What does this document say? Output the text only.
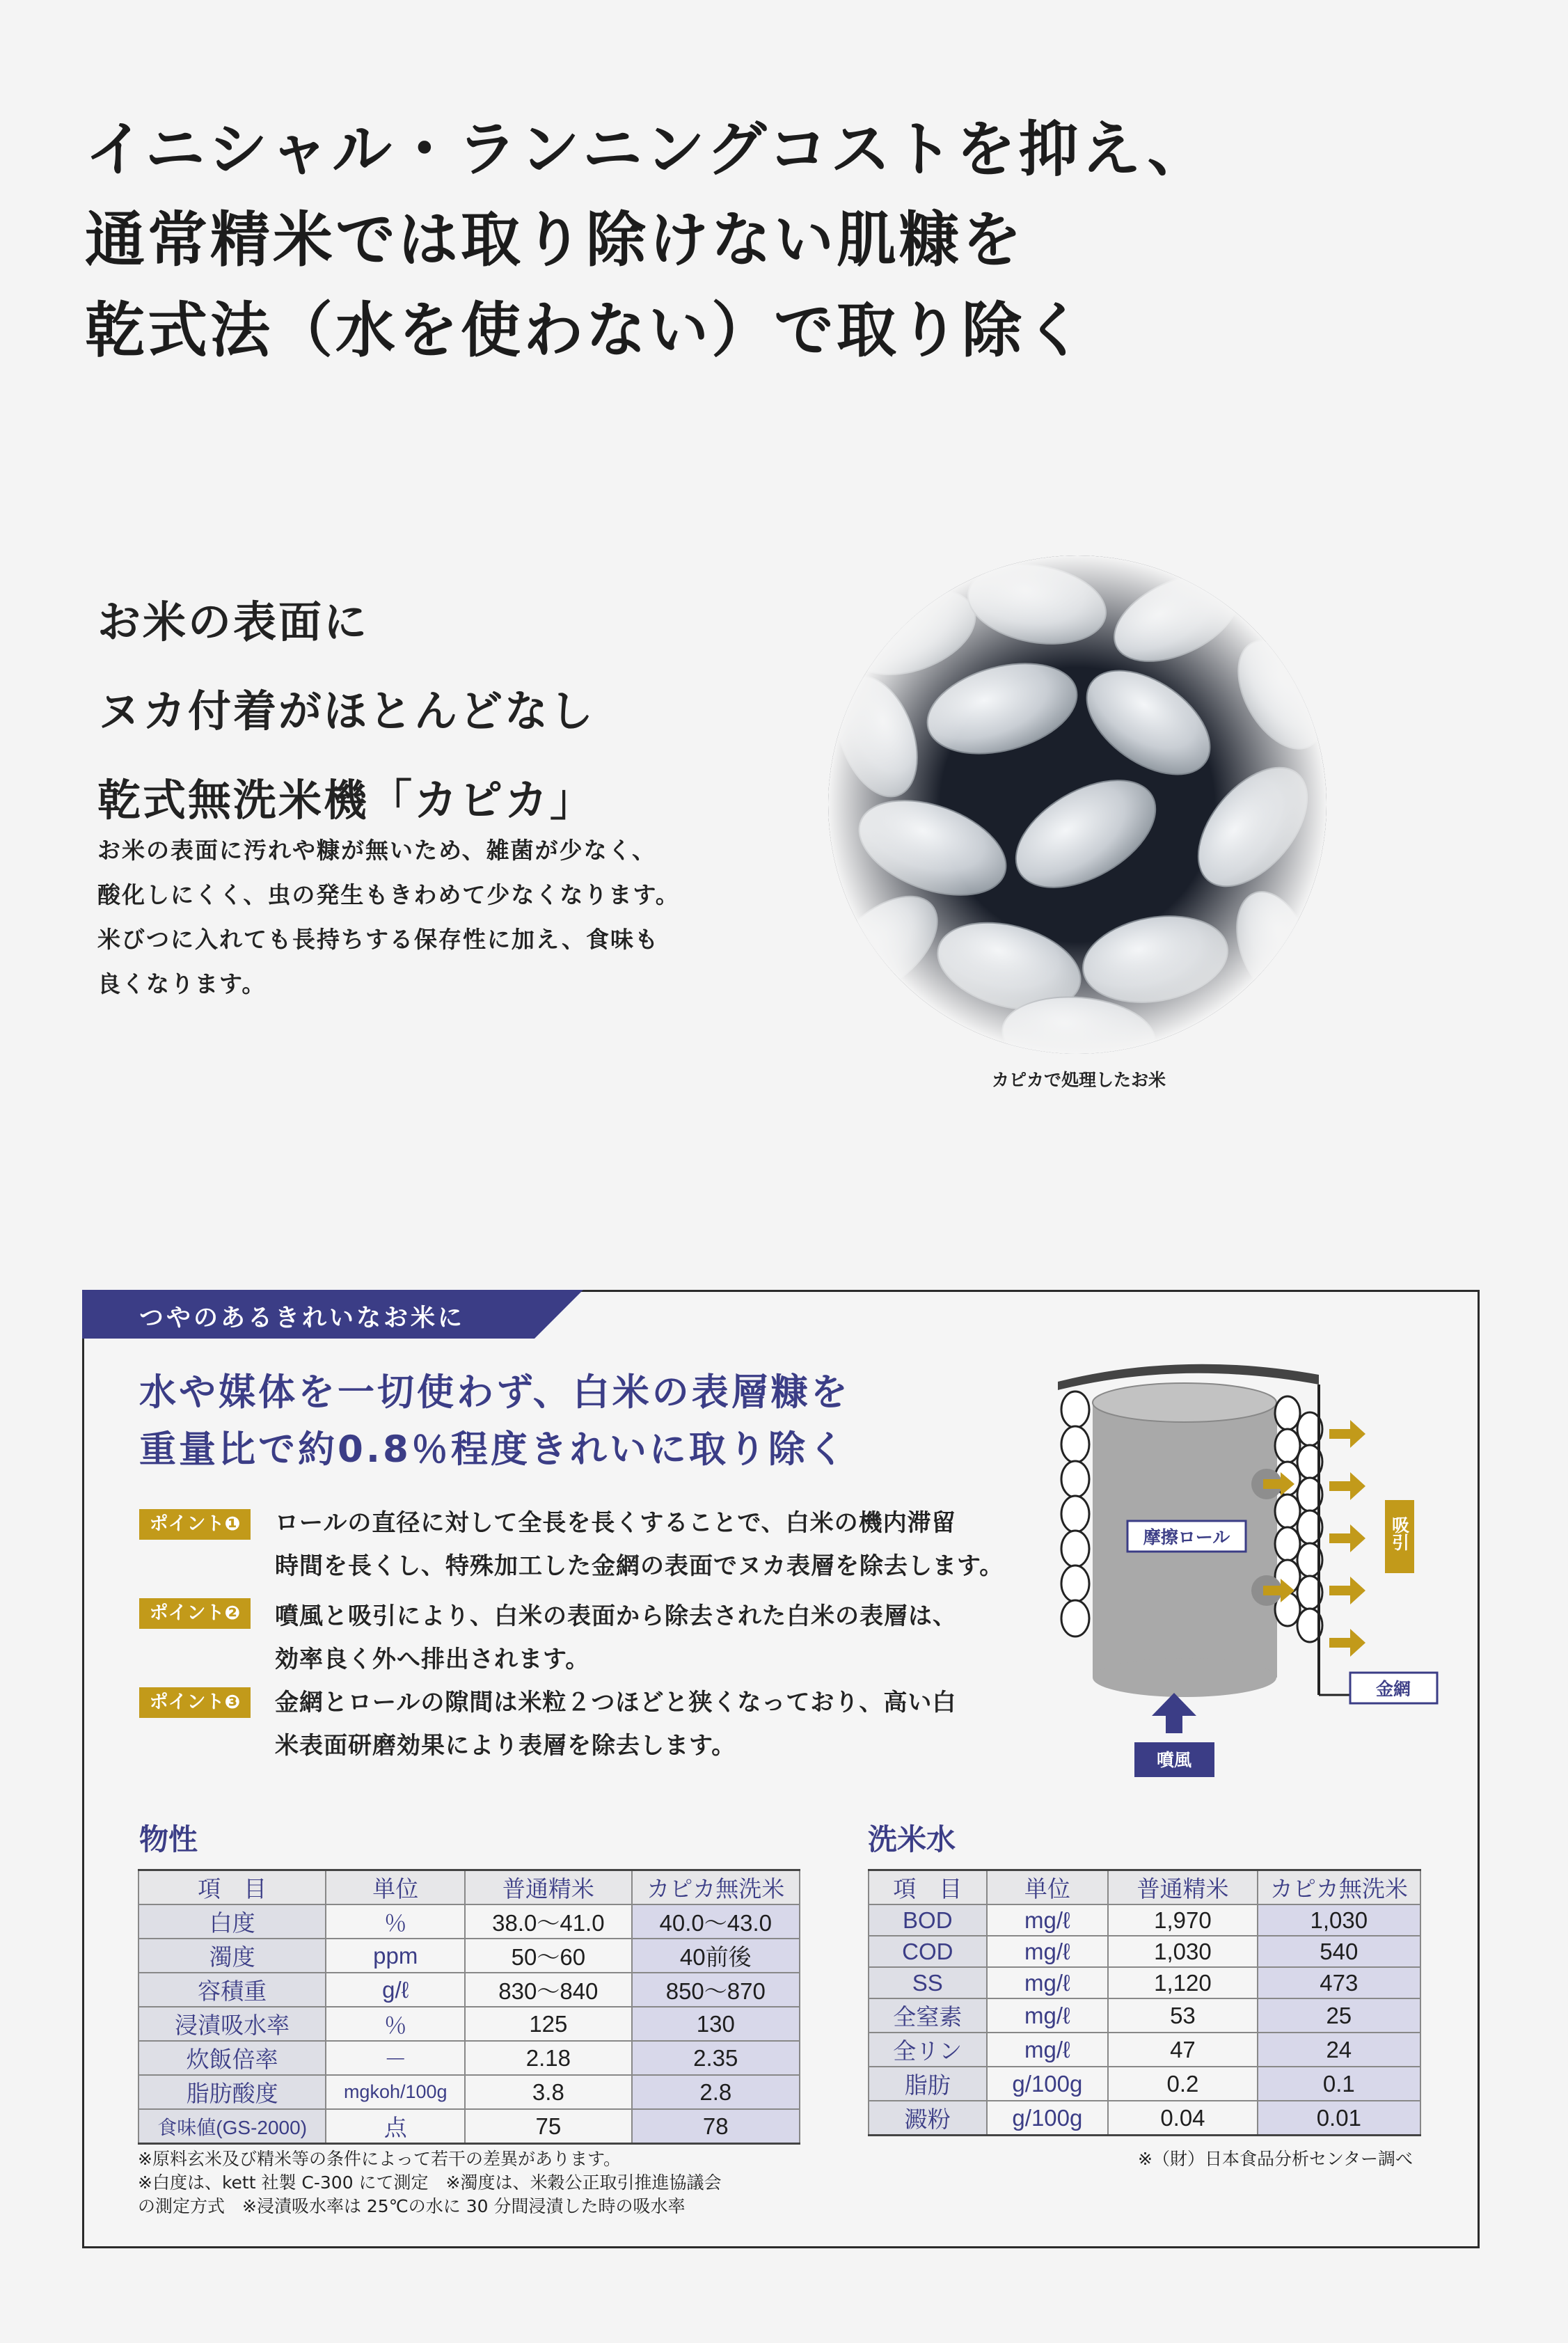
イニシャル・ランニングコストを抑え、
通常精米では取り除けない肌糠を
乾式法（水を使わない）で取り除く
お米の表面に
ヌカ付着がほとんどなし
乾式無洗米機「カピカ」
お米の表面に汚れや糠が無いため、雑菌が少なく、
酸化しにくく、虫の発生もきわめて少なくなります。
米びつに入れても長持ちする保存性に加え、食味も
良くなります。
カピカで処理したお米
つやのあるきれいなお米に
水や媒体を一切使わず、白米の表層糠を
重量比で約0.8％程度きれいに取り除く
ポイント❶	ロールの直径に対して全長を長くすることで、白米の機内滞留
時間を長くし、特殊加工した金網の表面でヌカ表層を除去します。
ポイント❷	噴風と吸引により、白米の表面から除去された白米の表層は、
効率良く外へ排出されます。
ポイント❸	金網とロールの隙間は米粒２つほどと狭くなっており、高い白
米表面研磨効果により表層を除去します。
摩擦ロール	吸引
金網
噴風
物性
項　目	単位	普通精米	カピカ無洗米
白度	％	38.0～41.0	40.0～43.0
濁度	ppm	50～60	40前後
容積重	g/ℓ	830～840	850～870
浸漬吸水率	％	125	130
炊飯倍率	－	2.18	2.35
脂肪酸度	mgkoh/100g	3.8	2.8
食味値(GS-2000)	点	75	78
※原料玄米及び精米等の条件によって若干の差異があります。
※白度は、kett 社製 C-300 にて測定　※濁度は、米穀公正取引推進協議会
の測定方式　※浸漬吸水率は 25℃の水に 30 分間浸漬した時の吸水率
洗米水
項　目	単位	普通精米	カピカ無洗米
BOD	mg/ℓ	1,970	1,030
COD	mg/ℓ	1,030	540
SS	mg/ℓ	1,120	473
全窒素	mg/ℓ	53	25
全リン	mg/ℓ	47	24
脂肪	g/100g	0.2	0.1
澱粉	g/100g	0.04	0.01
※（財）日本食品分析センター調べ
